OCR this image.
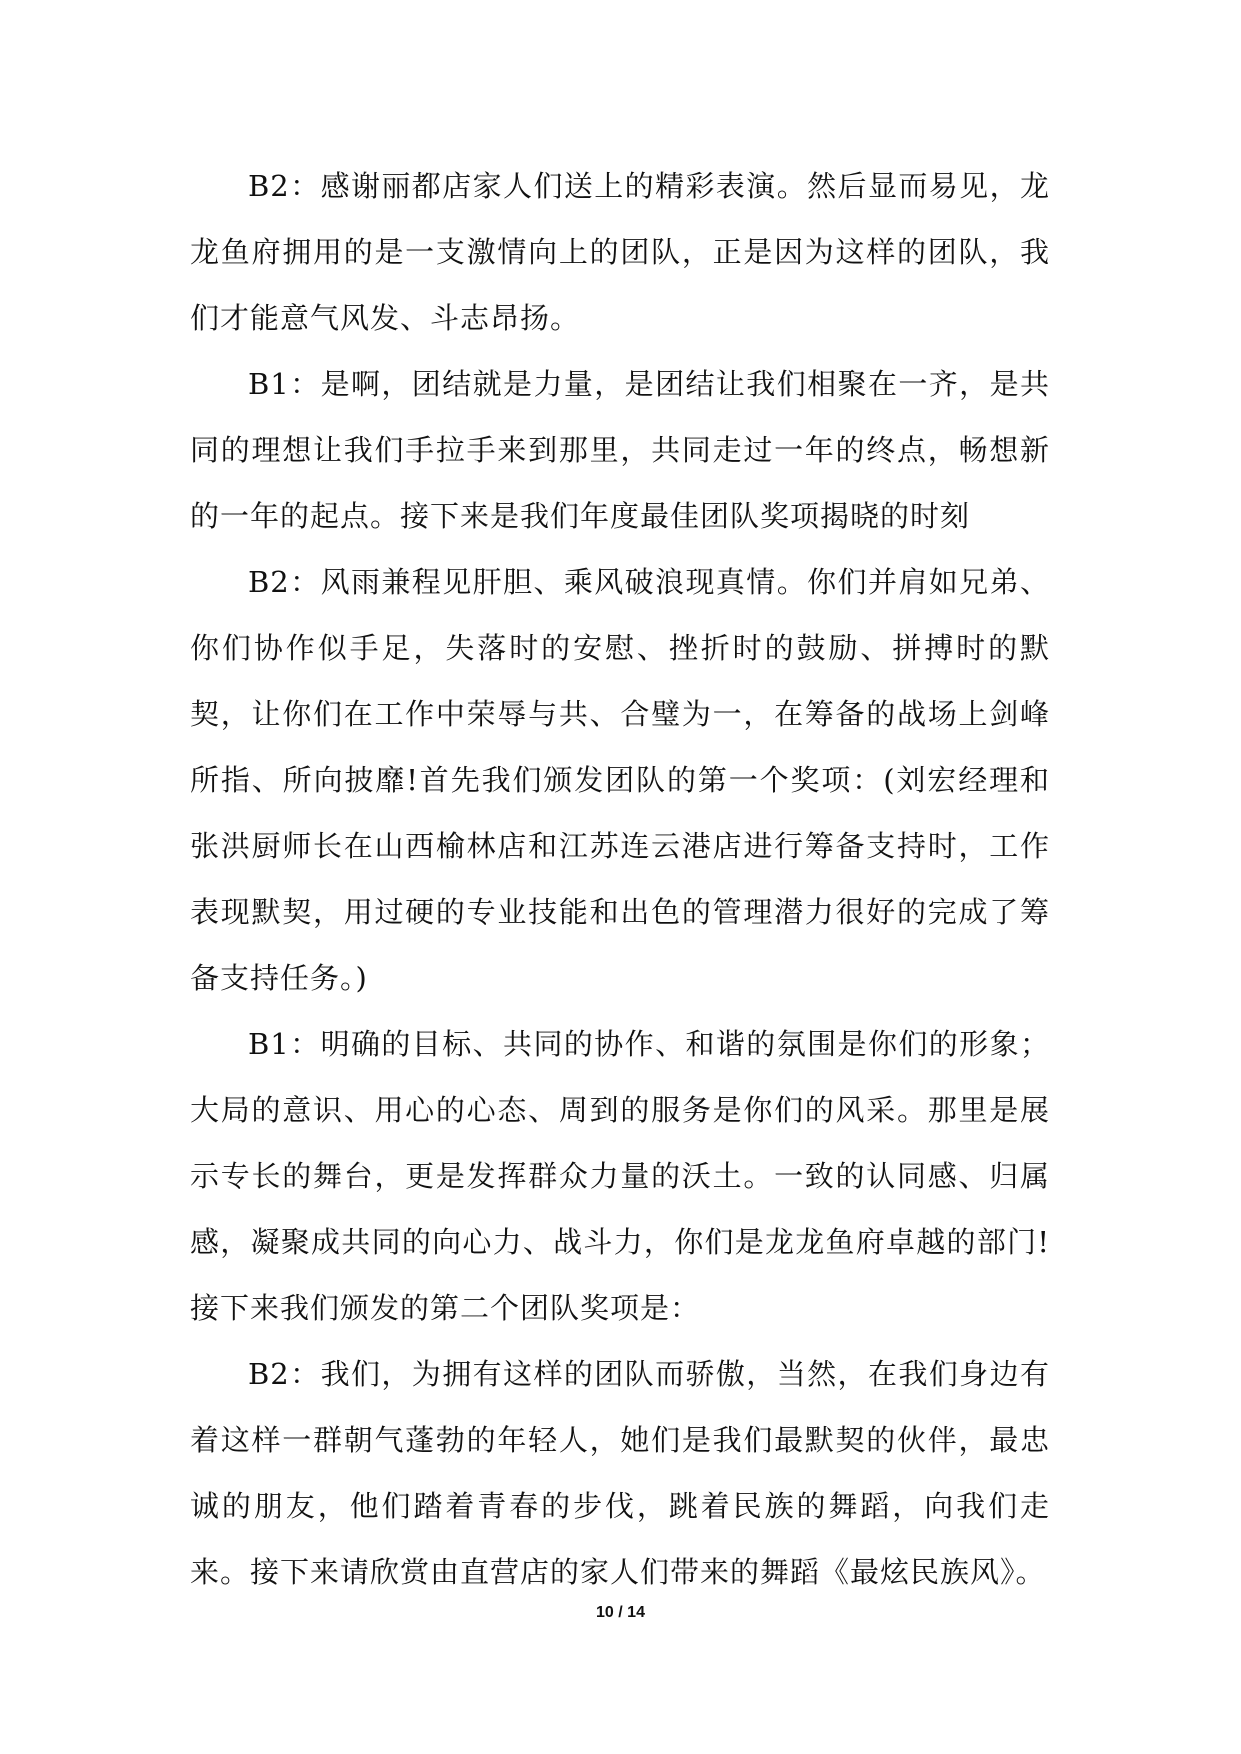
B2：感谢丽都店家人们送上的精彩表演。然后显而易见，龙龙鱼府拥用的是一支激情向上的团队，正是因为这样的团队，我们才能意气风发、斗志昂扬。

B1：是啊，团结就是力量，是团结让我们相聚在一齐，是共同的理想让我们手拉手来到那里，共同走过一年的终点，畅想新的一年的起点。接下来是我们年度最佳团队奖项揭晓的时刻

B2：风雨兼程见肝胆、乘风破浪现真情。你们并肩如兄弟、你们协作似手足，失落时的安慰、挫折时的鼓励、拼搏时的默契，让你们在工作中荣辱与共、合璧为一，在筹备的战场上剑峰所指、所向披靡!首先我们颁发团队的第一个奖项：(刘宏经理和张洪厨师长在山西榆林店和江苏连云港店进行筹备支持时，工作表现默契，用过硬的专业技能和出色的管理潜力很好的完成了筹备支持任务。)

B1：明确的目标、共同的协作、和谐的氛围是你们的形象；大局的意识、用心的心态、周到的服务是你们的风采。那里是展示专长的舞台，更是发挥群众力量的沃土。一致的认同感、归属感，凝聚成共同的向心力、战斗力，你们是龙龙鱼府卓越的部门!接下来我们颁发的第二个团队奖项是：

B2：我们，为拥有这样的团队而骄傲，当然，在我们身边有着这样一群朝气蓬勃的年轻人，她们是我们最默契的伙伴，最忠诚的朋友，他们踏着青春的步伐，跳着民族的舞蹈，向我们走来。接下来请欣赏由直营店的家人们带来的舞蹈《最炫民族风》。

10 / 14
